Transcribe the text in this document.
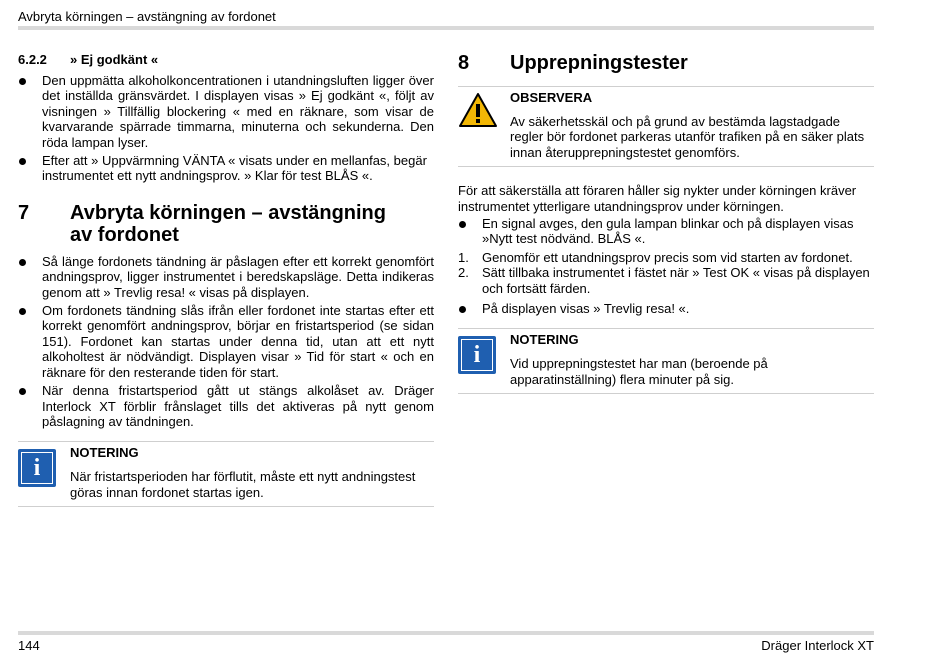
Avbryta körningen – avstängning av fordonet
6.2.2 » Ej godkänt «
Den uppmätta alkoholkoncentrationen i utandningsluften ligger över det inställda gränsvärdet. I displayen visas » Ej godkänt «, följt av visningen » Tillfällig blockering « med en räknare, som visar de kvarvarande spärrade timmarna, minuterna och sekunderna. Den röda lampan lyser.
Efter att » Uppvärmning VÄNTA « visats under en mellanfas, begär instrumentet ett nytt andningsprov. » Klar för test BLÅS «.
7	Avbryta körningen – avstängning
av fordonet
Så länge fordonets tändning är påslagen efter ett korrekt genomfört andningsprov, ligger instrumentet i beredskapsläge. Detta indikeras genom att » Trevlig resa! « visas på displayen.
Om fordonets tändning slås ifrån eller fordonet inte startas efter ett korrekt genomfört andningsprov, börjar en fristartsperiod (se sidan 151). Fordonet kan startas under denna tid, utan att ett nytt alkoholtest är nödvändigt. Displayen visar » Tid för start « och en räknare för den resterande tiden för start.
När denna fristartsperiod gått ut stängs alkolåset av. Dräger Interlock XT förblir frånslaget tills det aktiveras på nytt genom påslagning av tändningen.
i
NOTERING
När fristartsperioden har förflutit, måste ett nytt andningstest göras innan fordonet startas igen.
8	Upprepningstester
OBSERVERA
Av säkerhetsskäl och på grund av bestämda lagstadgade regler bör fordonet parkeras utanför trafiken på en säker plats innan återupprepningstestet genomförs.

För att säkerställa att föraren håller sig nykter under körningen kräver instrumentet ytterligare utandningsprov under körningen.

En signal avges, den gula lampan blinkar och på displayen visas »Nytt test nödvänd. BLÅS «.
1. Genomför ett utandningsprov precis som vid starten av fordonet.
2. Sätt tillbaka instrumentet i fästet när » Test OK « visas på displayen och fortsätt färden.
På displayen visas » Trevlig resa! «.
i
NOTERING
Vid upprepningstestet har man (beroende på apparatinställning) flera minuter på sig.
144	Dräger Interlock XT
